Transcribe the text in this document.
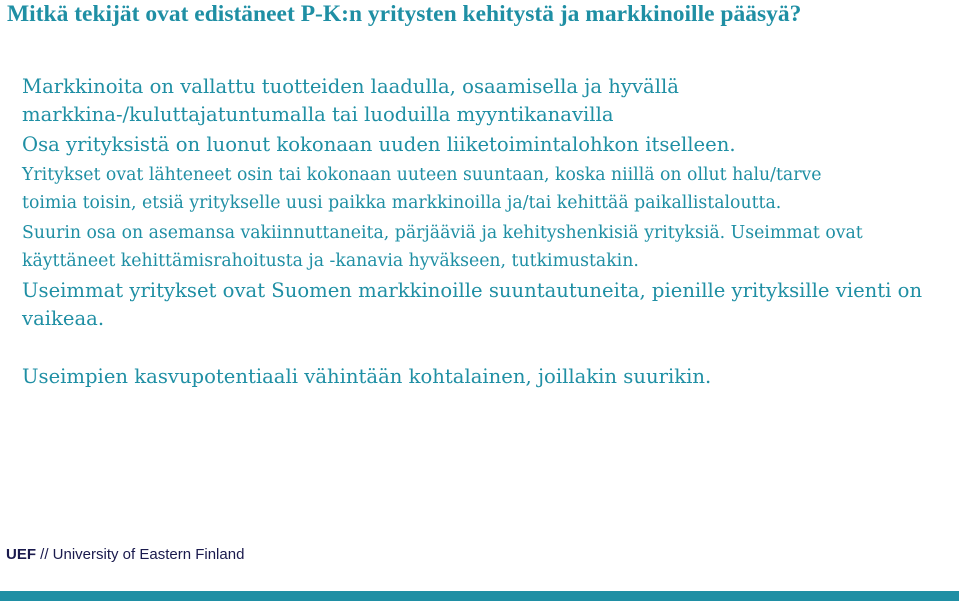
Mitkä tekijät ovat edistäneet P-K:n yritysten kehitystä ja markkinoille pääsyä?

Markkinoita on vallattu tuotteiden laadulla, osaamisella ja hyvällä markkina-/kuluttajatuntumalla tai luoduilla myyntikanavilla

Osa yrityksistä on luonut kokonaan uuden liiketoimintalohkon itselleen.

Yritykset ovat lähteneet osin tai kokonaan uuteen suuntaan, koska niillä on ollut halu/tarve toimia toisin, etsiä yritykselle uusi paikka markkinoilla ja/tai kehittää paikallistaloutta.

Suurin osa on asemansa vakiinnuttaneita, pärjääviä ja kehityshenkisiä yrityksiä. Useimmat ovat käyttäneet kehittämisrahoitusta ja -kanavia hyväkseen, tutkimustakin.

Useimmat yritykset ovat Suomen markkinoille suuntautuneita, pienille yrityksille vienti on vaikeaa.

Useimpien kasvupotentiaali vähintään kohtalainen, joillakin suurikin.

UEF // University of Eastern Finland
